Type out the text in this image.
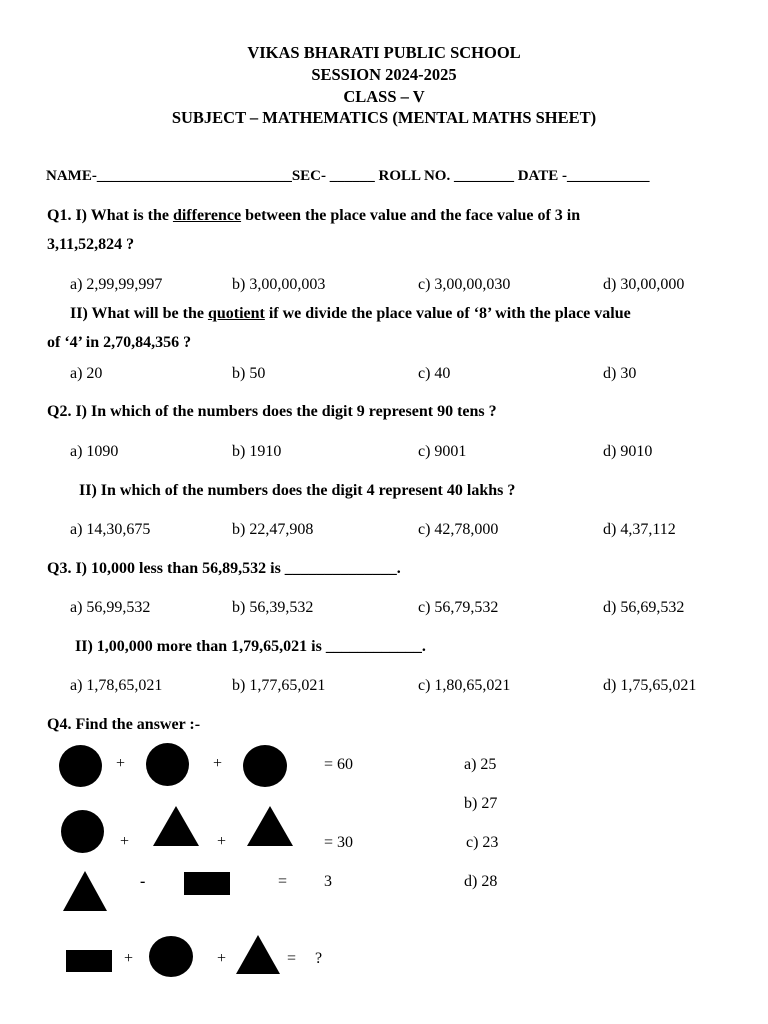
VIKAS BHARATI PUBLIC SCHOOL
SESSION 2024-2025
CLASS – V
SUBJECT – MATHEMATICS (MENTAL MATHS SHEET)
NAME-__________________________SEC- ______ ROLL NO. ________ DATE -___________
Q1. I) What is the difference between the place value and the face value of 3 in
3,11,52,824 ?
a) 2,99,99,997	b) 3,00,00,003	c) 3,00,00,030	d) 30,00,000
II) What will be the quotient if we divide the place value of ‘8’ with the place value
of ‘4’ in 2,70,84,356 ?
a) 20	b) 50	c) 40	d) 30
Q2. I) In which of the numbers does the digit 9 represent 90 tens ?
a) 1090	b) 1910	c) 9001	d) 9010
II) In which of the numbers does the digit 4 represent 40 lakhs ?
a) 14,30,675	b) 22,47,908	c) 42,78,000	d) 4,37,112
Q3. I) 10,000 less than 56,89,532 is ______________.
a) 56,99,532	b) 56,39,532	c) 56,79,532	d) 56,69,532
II) 1,00,000 more than 1,79,65,021 is ____________.
a) 1,78,65,021	b) 1,77,65,021	c) 1,80,65,021	d) 1,75,65,021
Q4. Find the answer :-
+	+	= 60
+	+	= 30
-	= 3
+	+	= ?
a) 25
b) 27
c) 23
d) 28
